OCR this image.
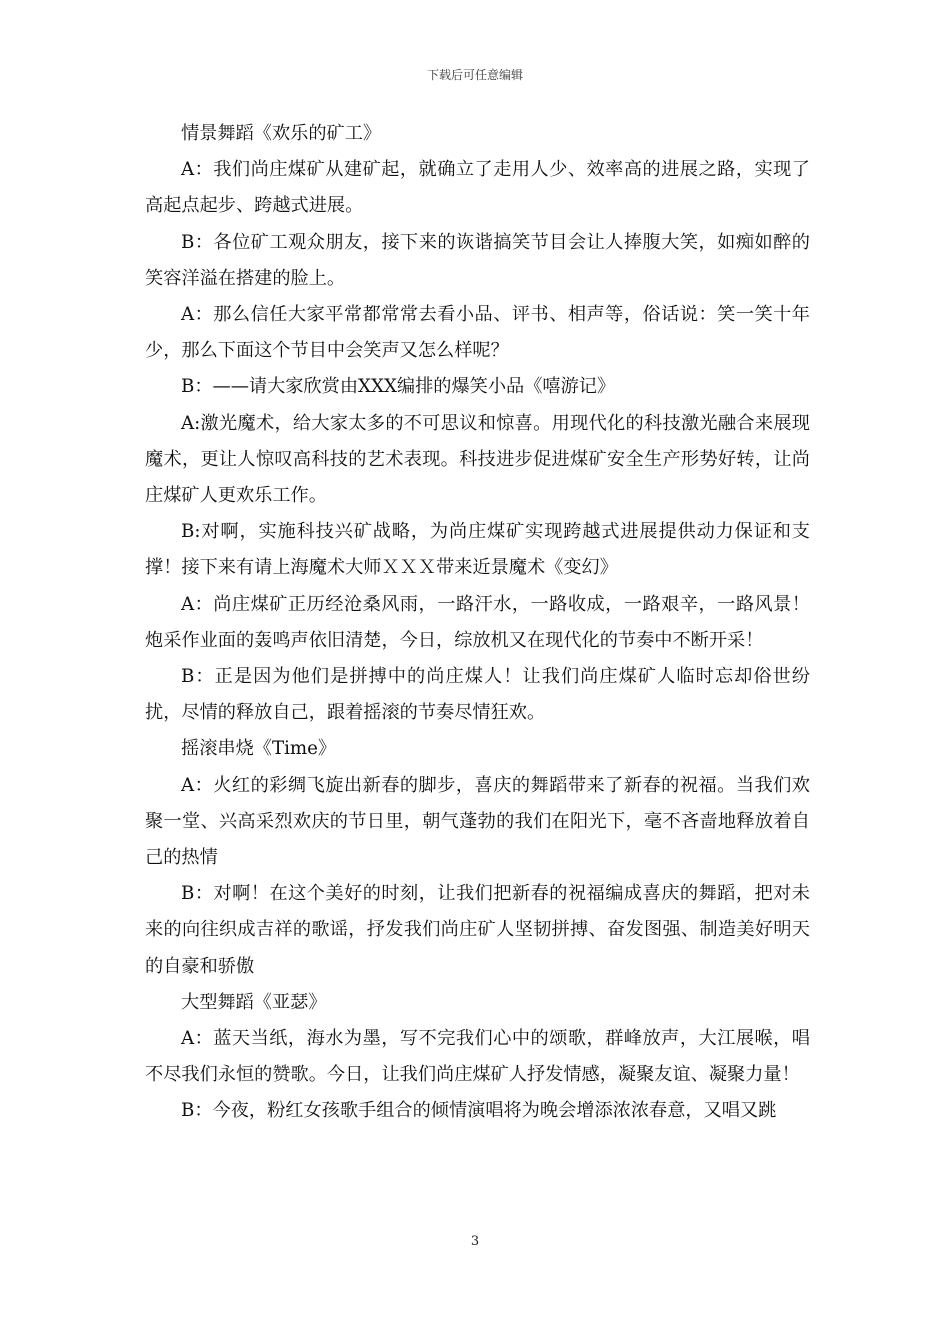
下载后可任意编辑

情景舞蹈《欢乐的矿工》

A：我们尚庄煤矿从建矿起，就确立了走用人少、效率高的进展之路，实现了高起点起步、跨越式进展。

B：各位矿工观众朋友，接下来的诙谐搞笑节目会让人捧腹大笑，如痴如醉的笑容洋溢在搭建的脸上。

A：那么信任大家平常都常常去看小品、评书、相声等，俗话说：笑一笑十年少，那么下面这个节目中会笑声又怎么样呢？

B：——请大家欣赏由XXX编排的爆笑小品《嘻游记》

A:激光魔术，给大家太多的不可思议和惊喜。用现代化的科技激光融合来展现魔术，更让人惊叹高科技的艺术表现。科技进步促进煤矿安全生产形势好转，让尚庄煤矿人更欢乐工作。

B:对啊，实施科技兴矿战略，为尚庄煤矿实现跨越式进展提供动力保证和支撑！接下来有请上海魔术大师ＸＸＸ带来近景魔术《变幻》

A：尚庄煤矿正历经沧桑风雨，一路汗水，一路收成，一路艰辛，一路风景！炮采作业面的轰鸣声依旧清楚，今日，综放机又在现代化的节奏中不断开采！

B：正是因为他们是拼搏中的尚庄煤人！让我们尚庄煤矿人临时忘却俗世纷扰，尽情的释放自己，跟着摇滚的节奏尽情狂欢。

摇滚串烧《Time》

A：火红的彩绸飞旋出新春的脚步，喜庆的舞蹈带来了新春的祝福。当我们欢聚一堂、兴高采烈欢庆的节日里，朝气蓬勃的我们在阳光下，毫不吝啬地释放着自己的热情

B：对啊！在这个美好的时刻，让我们把新春的祝福编成喜庆的舞蹈，把对未来的向往织成吉祥的歌谣，抒发我们尚庄矿人坚韧拼搏、奋发图强、制造美好明天的自豪和骄傲

大型舞蹈《亚瑟》

A：蓝天当纸，海水为墨，写不完我们心中的颂歌，群峰放声，大江展喉，唱不尽我们永恒的赞歌。今日，让我们尚庄煤矿人抒发情感，凝聚友谊、凝聚力量！

B：今夜，粉红女孩歌手组合的倾情演唱将为晚会增添浓浓春意，又唱又跳

3
